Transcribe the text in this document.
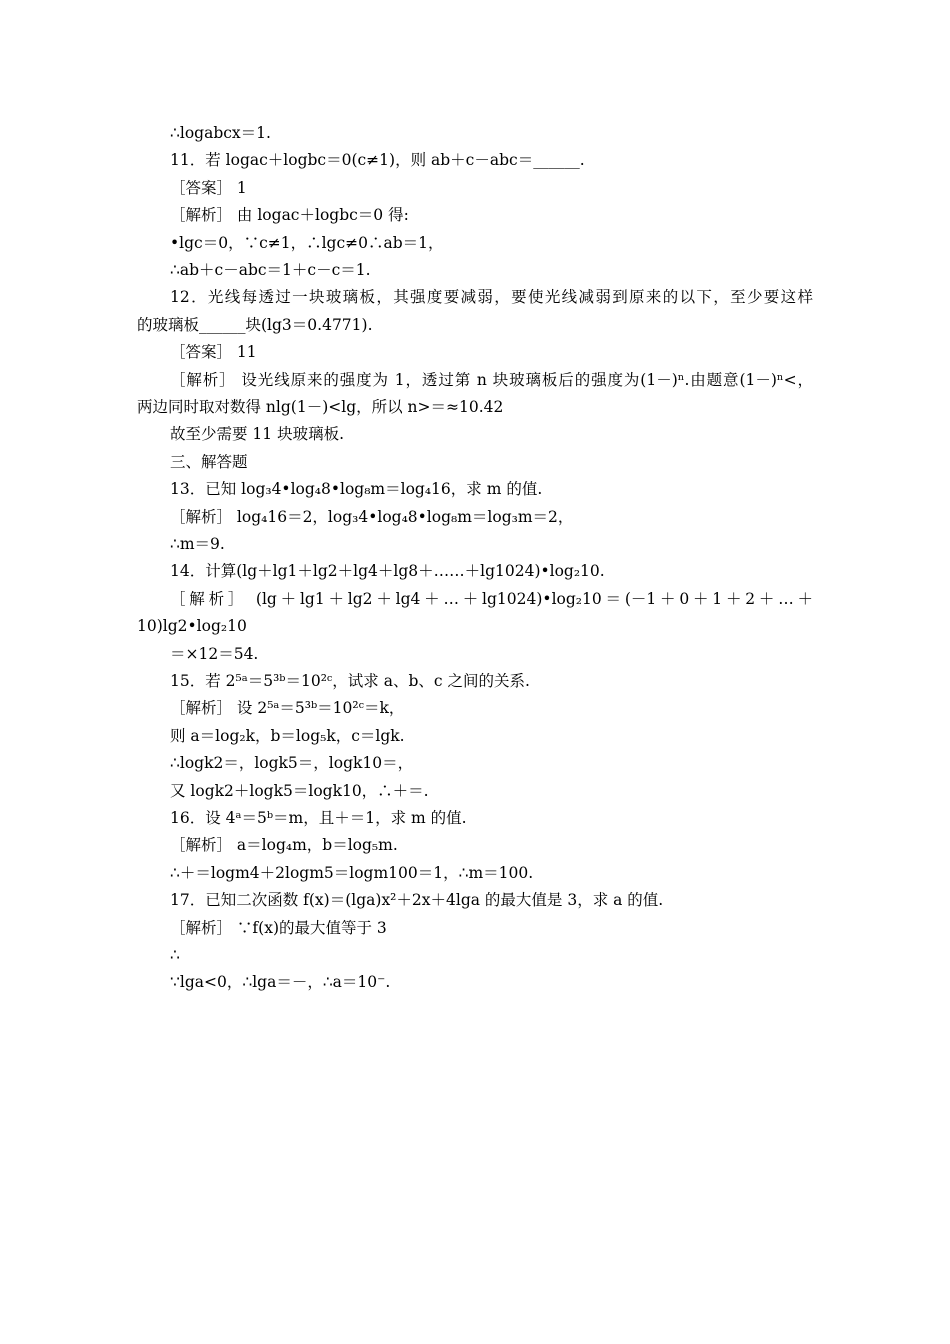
∴logabcx＝1.
11．若 logac＋logbc＝0(c≠1)，则 ab＋c－abc＝______.
［答案］ 1
［解析］ 由 logac＋logbc＝0 得:
•lgc＝0，∵c≠1，∴lgc≠0∴ab＝1，
∴ab＋c－abc＝1＋c－c＝1.
12．光线每透过一块玻璃板，其强度要减弱，要使光线减弱到原来的以下，至少要这样
的玻璃板______块(lg3＝0.4771).
［答案］ 11
［解析］ 设光线原来的强度为 1，透过第 n 块玻璃板后的强度为(1－)ⁿ.由题意(1－)ⁿ<，
两边同时取对数得 nlg(1－)<lg，所以 n>＝≈10.42
故至少需要 11 块玻璃板.
三、解答题
13．已知 log₃4•log₄8•log₈m＝log₄16，求 m 的值.
［解析］ log₄16＝2，log₃4•log₄8•log₈m＝log₃m＝2，
∴m＝9.
14．计算(lg＋lg1＋lg2＋lg4＋lg8＋……＋lg1024)•log₂10.
［解析］ (lg＋lg1＋lg2＋lg4＋…＋lg1024)•log₂10＝(－1＋0＋1＋2＋…＋
10)lg2•log₂10
＝×12＝54.
15．若 2⁵ᵃ＝5³ᵇ＝10²ᶜ，试求 a、b、c 之间的关系.
［解析］ 设 2⁵ᵃ＝5³ᵇ＝10²ᶜ＝k，
则 a＝log₂k，b＝log₅k，c＝lgk.
∴logk2＝，logk5＝，logk10＝，
又 logk2＋logk5＝logk10，∴＋＝.
16．设 4ᵃ＝5ᵇ＝m，且＋＝1，求 m 的值.
［解析］ a＝log₄m，b＝log₅m.
∴＋＝logm4＋2logm5＝logm100＝1，∴m＝100.
17．已知二次函数 f(x)＝(lga)x²＋2x＋4lga 的最大值是 3，求 a 的值.
［解析］ ∵f(x)的最大值等于 3
∴
∵lga<0，∴lga＝－，∴a＝10⁻.
